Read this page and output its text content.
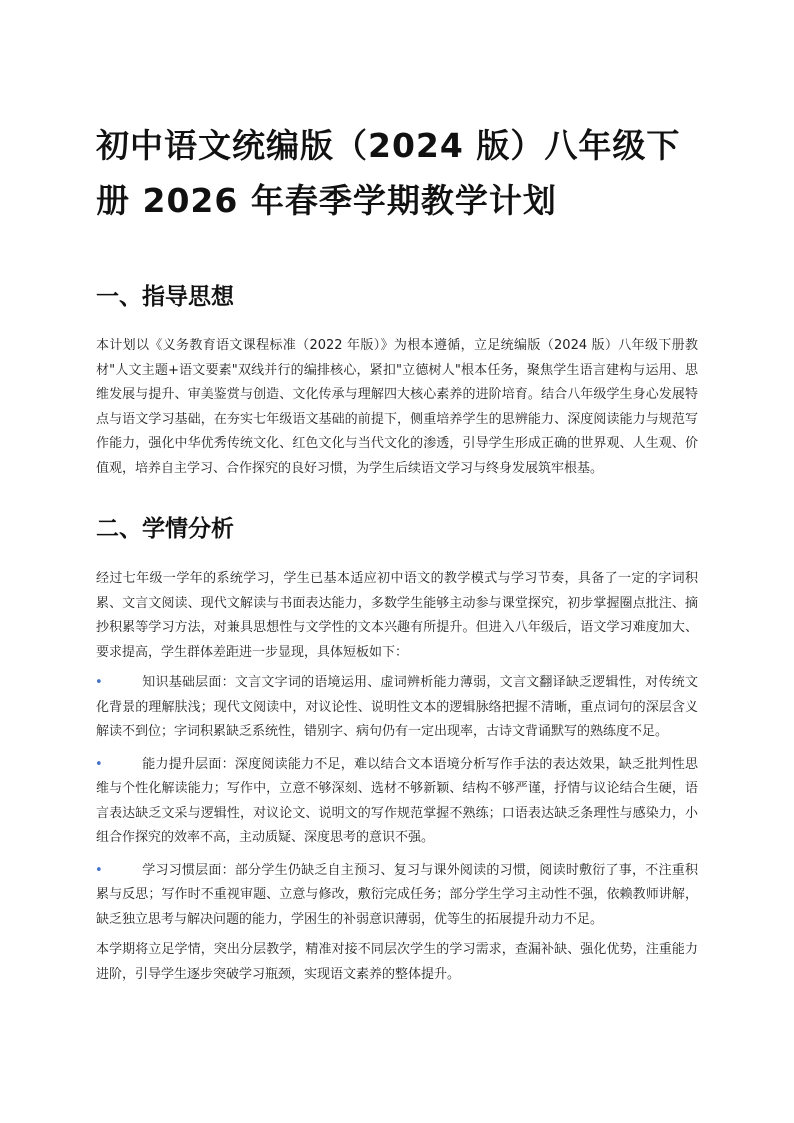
初中语文统编版（2024 版）八年级下
册 2026 年春季学期教学计划
一、指导思想

本计划以《义务教育语文课程标准（2022 年版）》为根本遵循，立足统编版（2024 版）八年级下册教材"人文主题+语文要素"双线并行的编排核心，紧扣"立德树人"根本任务，聚焦学生语言建构与运用、思维发展与提升、审美鉴赏与创造、文化传承与理解四大核心素养的进阶培育。结合八年级学生身心发展特点与语文学习基础，在夯实七年级语文基础的前提下，侧重培养学生的思辨能力、深度阅读能力与规范写作能力，强化中华优秀传统文化、红色文化与当代文化的渗透，引导学生形成正确的世界观、人生观、价值观，培养自主学习、合作探究的良好习惯，为学生后续语文学习与终身发展筑牢根基。

二、学情分析

经过七年级一学年的系统学习，学生已基本适应初中语文的教学模式与学习节奏，具备了一定的字词积累、文言文阅读、现代文解读与书面表达能力，多数学生能够主动参与课堂探究，初步掌握圈点批注、摘抄积累等学习方法，对兼具思想性与文学性的文本兴趣有所提升。但进入八年级后，语文学习难度加大、要求提高，学生群体差距进一步显现，具体短板如下：

•	知识基础层面：文言文字词的语境运用、虚词辨析能力薄弱，文言文翻译缺乏逻辑性，对传统文化背景的理解肤浅；现代文阅读中，对议论性、说明性文本的逻辑脉络把握不清晰，重点词句的深层含义解读不到位；字词积累缺乏系统性，错别字、病句仍有一定出现率，古诗文背诵默写的熟练度不足。
•	能力提升层面：深度阅读能力不足，难以结合文本语境分析写作手法的表达效果，缺乏批判性思维与个性化解读能力；写作中，立意不够深刻、选材不够新颖、结构不够严谨，抒情与议论结合生硬，语言表达缺乏文采与逻辑性，对议论文、说明文的写作规范掌握不熟练；口语表达缺乏条理性与感染力，小组合作探究的效率不高，主动质疑、深度思考的意识不强。
•	学习习惯层面：部分学生仍缺乏自主预习、复习与课外阅读的习惯，阅读时敷衍了事，不注重积累与反思；写作时不重视审题、立意与修改，敷衍完成任务；部分学生学习主动性不强，依赖教师讲解，缺乏独立思考与解决问题的能力，学困生的补弱意识薄弱，优等生的拓展提升动力不足。

本学期将立足学情，突出分层教学，精准对接不同层次学生的学习需求，查漏补缺、强化优势，注重能力进阶，引导学生逐步突破学习瓶颈，实现语文素养的整体提升。
